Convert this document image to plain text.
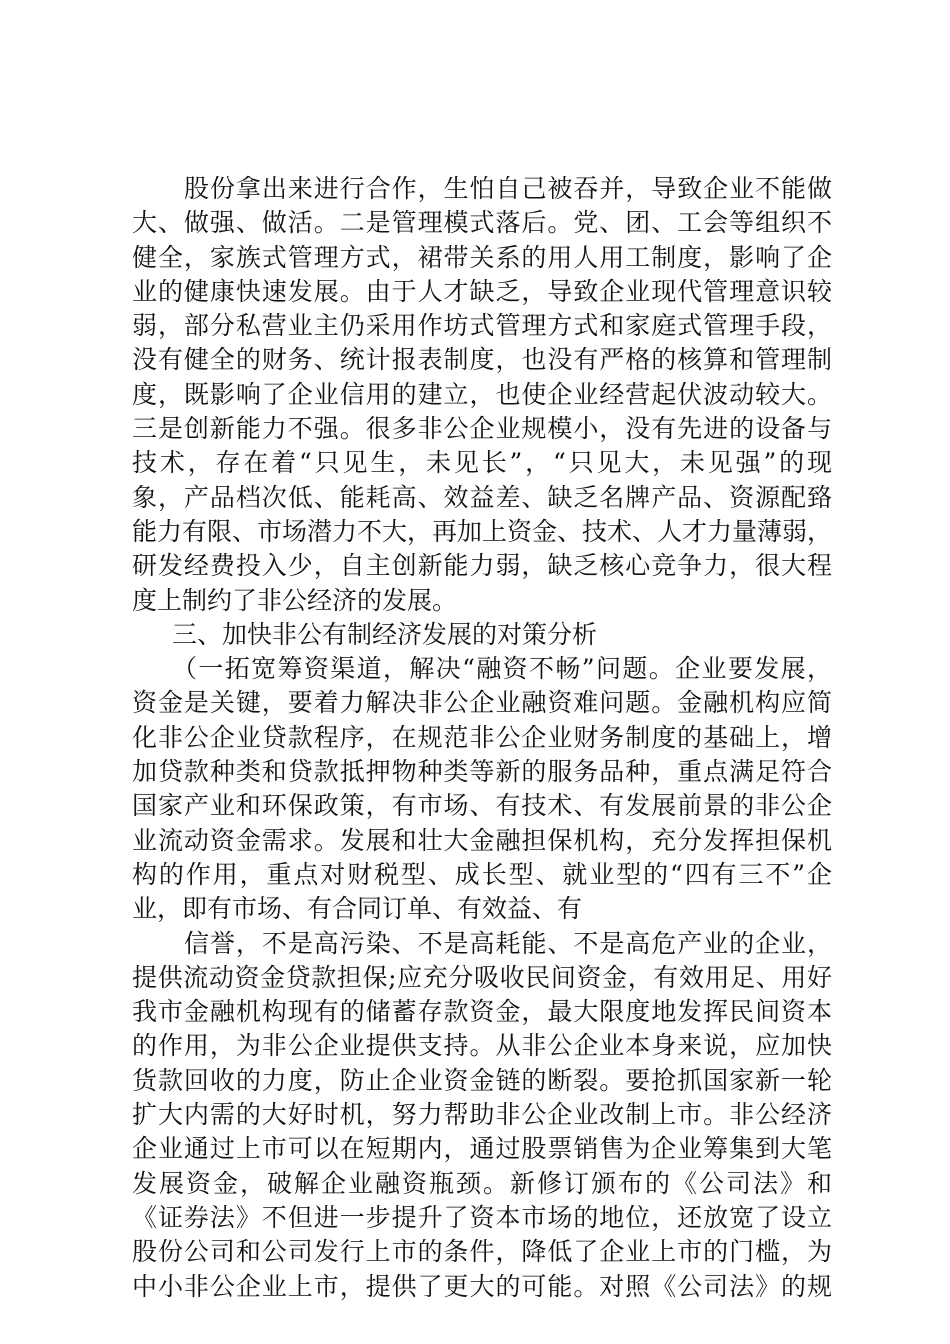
股份拿出来进行合作，生怕自己被吞并，导致企业不能做
大、做强、做活。二是管理模式落后。党、团、工会等组织不
健全，家族式管理方式，裙带关系的用人用工制度，影响了企
业的健康快速发展。由于人才缺乏，导致企业现代管理意识较
弱，部分私营业主仍采用作坊式管理方式和家庭式管理手段，
没有健全的财务、统计报表制度，也没有严格的核算和管理制
度，既影响了企业信用的建立，也使企业经营起伏波动较大。
三是创新能力不强。很多非公企业规模小，没有先进的设备与
技术，存在着“只见生，未见长”，“只见大，未见强”的现
象，产品档次低、能耗高、效益差、缺乏名牌产品、资源配臵
能力有限、市场潜力不大，再加上资金、技术、人才力量薄弱，
研发经费投入少，自主创新能力弱，缺乏核心竞争力，很大程
度上制约了非公经济的发展。
三、加快非公有制经济发展的对策分析
（一拓宽筹资渠道，解决“融资不畅”问题。企业要发展，
资金是关键，要着力解决非公企业融资难问题。金融机构应简
化非公企业贷款程序，在规范非公企业财务制度的基础上，增
加贷款种类和贷款抵押物种类等新的服务品种，重点满足符合
国家产业和环保政策，有市场、有技术、有发展前景的非公企
业流动资金需求。发展和壮大金融担保机构，充分发挥担保机
构的作用，重点对财税型、成长型、就业型的“四有三不”企
业，即有市场、有合同订单、有效益、有
信誉，不是高污染、不是高耗能、不是高危产业的企业，
提供流动资金贷款担保;应充分吸收民间资金，有效用足、用好
我市金融机构现有的储蓄存款资金，最大限度地发挥民间资本
的作用，为非公企业提供支持。从非公企业本身来说，应加快
货款回收的力度，防止企业资金链的断裂。要抢抓国家新一轮
扩大内需的大好时机，努力帮助非公企业改制上市。非公经济
企业通过上市可以在短期内，通过股票销售为企业筹集到大笔
发展资金，破解企业融资瓶颈。新修订颁布的《公司法》和
《证券法》不但进一步提升了资本市场的地位，还放宽了设立
股份公司和公司发行上市的条件，降低了企业上市的门槛，为
中小非公企业上市，提供了更大的可能。对照《公司法》的规
